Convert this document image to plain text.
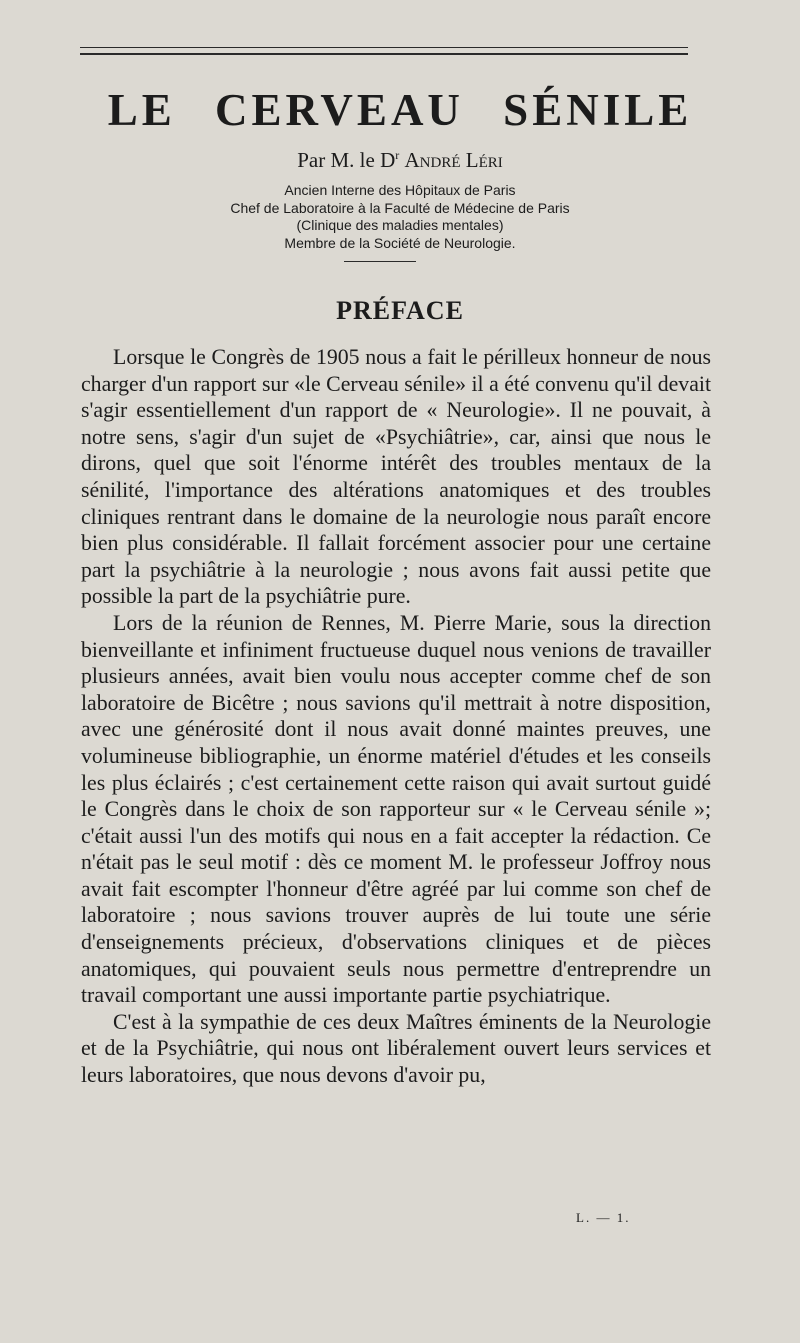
LE CERVEAU SÉNILE

Par M. le $D^r$ André Léri

Ancien Interne des Hôpitaux de Paris
Chef de Laboratoire à la Faculté de Médecine de Paris
(Clinique des maladies mentales)
Membre de la Société de Neurologie.
PRÉFACE

Lorsque le Congrès de 1905 nous a fait le périlleux honneur de nous charger d'un rapport sur «le Cerveau sénile» il a été convenu qu'il devait s'agir essentiellement d'un rapport de « Neurologie». Il ne pouvait, à notre sens, s'agir d'un sujet de «Psychiâtrie», car, ainsi que nous le dirons, quel que soit l'énorme intérêt des troubles mentaux de la sénilité, l'importance des altérations anatomiques et des troubles cliniques rentrant dans le domaine de la neurologie nous paraît encore bien plus considérable. Il fallait forcément associer pour une certaine part la psychiâtrie à la neurologie ; nous avons fait aussi petite que possible la part de la psychiâtrie pure.

Lors de la réunion de Rennes, M. Pierre Marie, sous la direction bienveillante et infiniment fructueuse duquel nous venions de travailler plusieurs années, avait bien voulu nous accepter comme chef de son laboratoire de Bicêtre ; nous savions qu'il mettrait à notre disposition, avec une générosité dont il nous avait donné maintes preuves, une volumineuse bibliographie, un énorme matériel d'études et les conseils les plus éclairés ; c'est certainement cette raison qui avait surtout guidé le Congrès dans le choix de son rapporteur sur « le Cerveau sénile »; c'était aussi l'un des motifs qui nous en a fait accepter la rédaction. Ce n'était pas le seul motif : dès ce moment M. le professeur Joffroy nous avait fait escompter l'honneur d'être agréé par lui comme son chef de laboratoire ; nous savions trouver auprès de lui toute une série d'enseignements précieux, d'observations cliniques et de pièces anatomiques, qui pouvaient seuls nous permettre d'entreprendre un travail comportant une aussi importante partie psychiatrique.

C'est à la sympathie de ces deux Maîtres éminents de la Neurologie et de la Psychiâtrie, qui nous ont libéralement ouvert leurs services et leurs laboratoires, que nous devons d'avoir pu,

L. — 1.
